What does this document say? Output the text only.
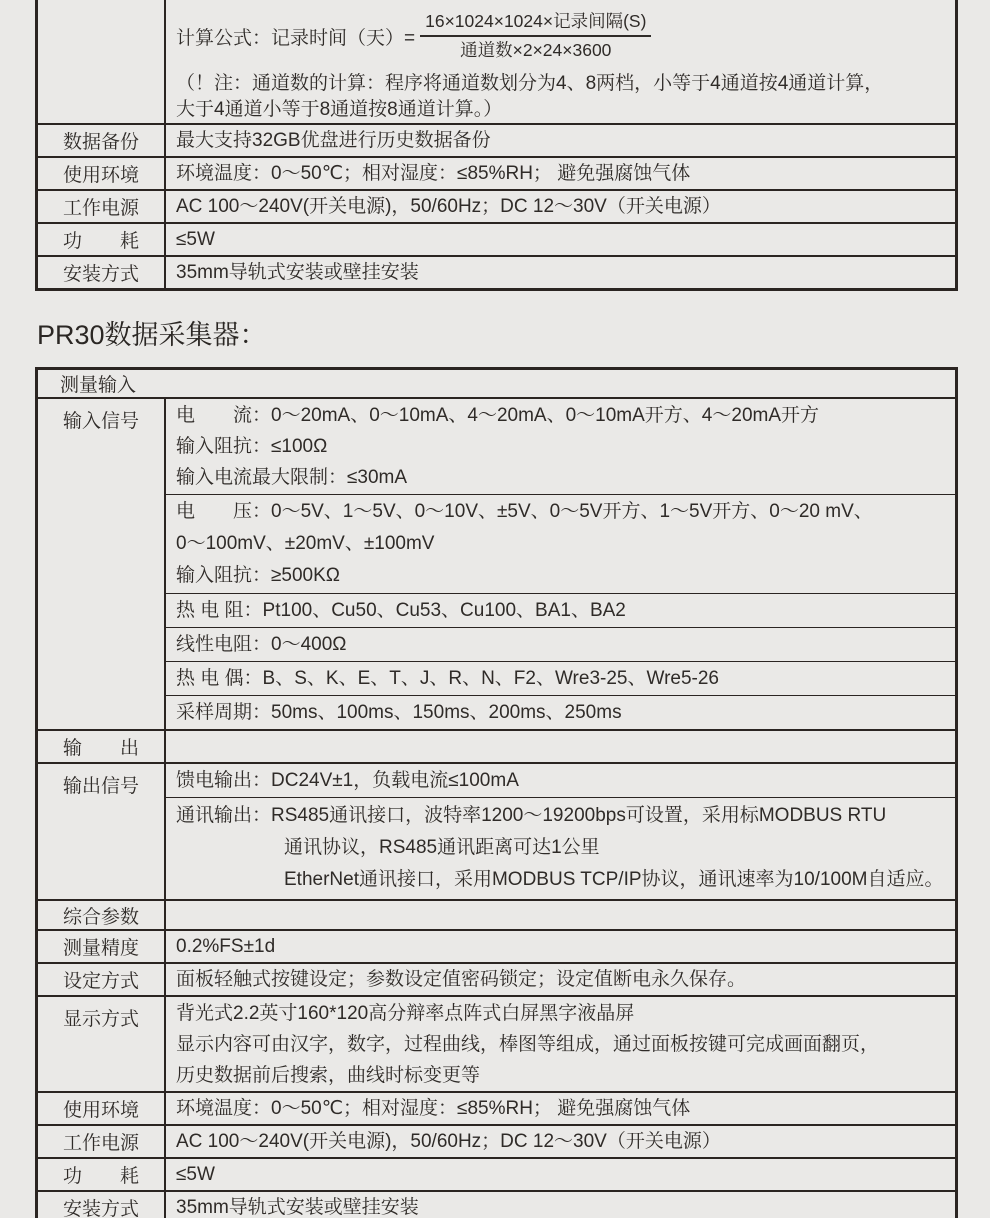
计算公式：记录时间（天）= $\frac{\text{16×1024×1024×记录间隔(S)}}{\text{通道数×2×24×3600}}$
（！注：通道数的计算：程序将通道数划分为4、8两档，小等于4通道按4通道计算，
大于4通道小等于8通道按8通道计算。）
数据备份	最大支持32GB优盘进行历史数据备份
使用环境	环境温度：0～50℃；相对湿度：≤85%RH； 避免强腐蚀气体
工作电源	AC 100～240V(开关电源)，50/60Hz；DC 12～30V（开关电源）
功　　耗	≤5W
安装方式	35mm导轨式安装或壁挂安装
PR30数据采集器：
测量输入
输入信号	电　　流：0～20mA、0～10mA、4～20mA、0～10mA开方、4～20mA开方
输入阻抗：≤100Ω
输入电流最大限制：≤30mA
电　　压：0～5V、1～5V、0～10V、±5V、0～5V开方、1～5V开方、0～20 mV、
0～100mV、±20mV、±100mV
输入阻抗：≥500KΩ
热 电 阻：Pt100、Cu50、Cu53、Cu100、BA1、BA2
线性电阻：0～400Ω
热 电 偶：B、S、K、E、T、J、R、N、F2、Wre3-25、Wre5-26
采样周期：50ms、100ms、150ms、200ms、250ms
输　　出
输出信号	馈电输出：DC24V±1，负载电流≤100mA
通讯输出：RS485通讯接口，波特率1200～19200bps可设置，采用标MODBUS RTU
通讯协议，RS485通讯距离可达1公里
EtherNet通讯接口，采用MODBUS TCP/IP协议，通讯速率为10/100M自适应。
综合参数
测量精度	0.2%FS±1d
设定方式	面板轻触式按键设定；参数设定值密码锁定；设定值断电永久保存。
显示方式	背光式2.2英寸160*120高分辩率点阵式白屏黑字液晶屏
显示内容可由汉字，数字，过程曲线，棒图等组成，通过面板按键可完成画面翻页，
历史数据前后搜索，曲线时标变更等
使用环境	环境温度：0～50℃；相对湿度：≤85%RH； 避免强腐蚀气体
工作电源	AC 100～240V(开关电源)，50/60Hz；DC 12～30V（开关电源）
功　　耗	≤5W
安装方式	35mm导轨式安装或壁挂安装
